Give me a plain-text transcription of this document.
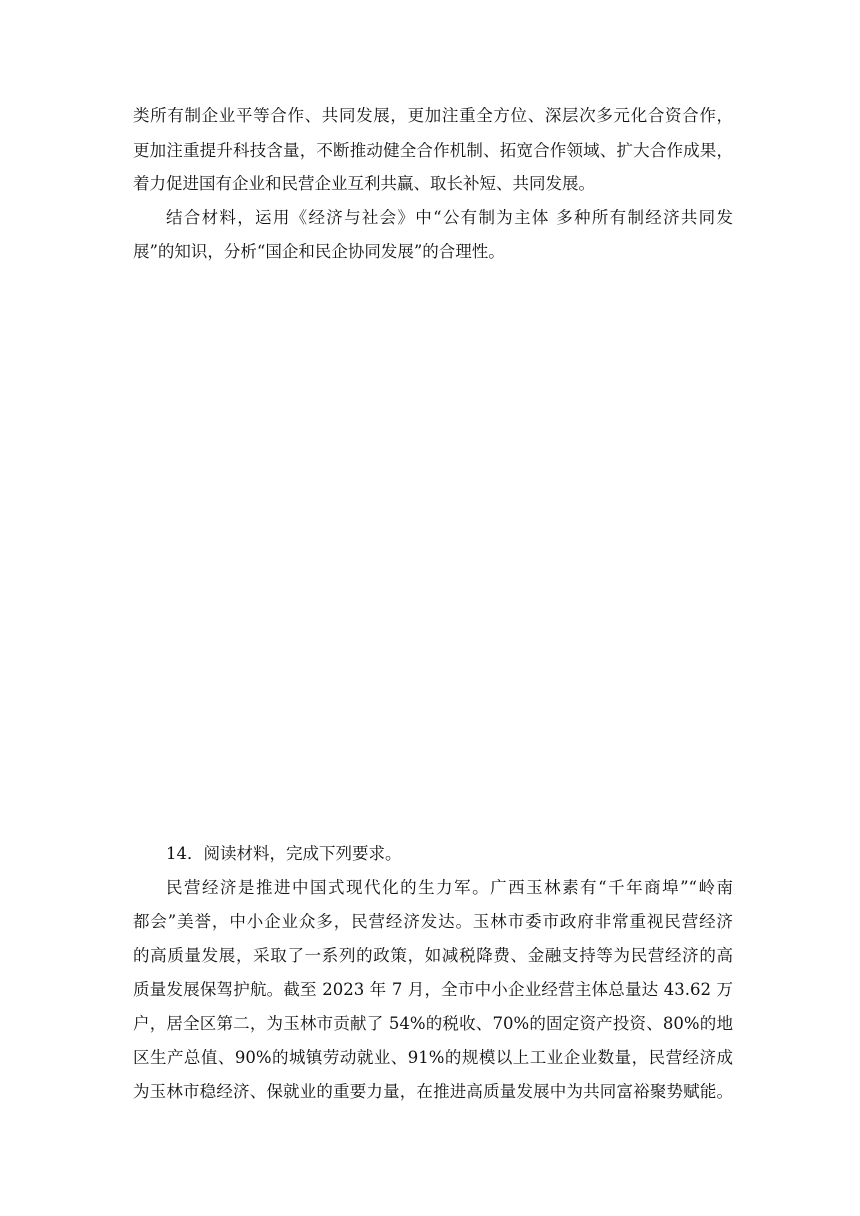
类所有制企业平等合作、共同发展，更加注重全方位、深层次多元化合资合作，
更加注重提升科技含量，不断推动健全合作机制、拓宽合作领域、扩大合作成果，
着力促进国有企业和民营企业互利共赢、取长补短、共同发展。
结合材料，运用《经济与社会》中“公有制为主体 多种所有制经济共同发
展”的知识，分析“国企和民企协同发展”的合理性。
14．阅读材料，完成下列要求。
民营经济是推进中国式现代化的生力军。广西玉林素有“千年商埠”“岭南
都会”美誉，中小企业众多，民营经济发达。玉林市委市政府非常重视民营经济
的高质量发展，采取了一系列的政策，如减税降费、金融支持等为民营经济的高
质量发展保驾护航。截至 2023 年 7 月，全市中小企业经营主体总量达 43.62 万
户，居全区第二，为玉林市贡献了 54%的税收、70%的固定资产投资、80%的地
区生产总值、90%的城镇劳动就业、91%的规模以上工业企业数量，民营经济成
为玉林市稳经济、保就业的重要力量，在推进高质量发展中为共同富裕聚势赋能。
